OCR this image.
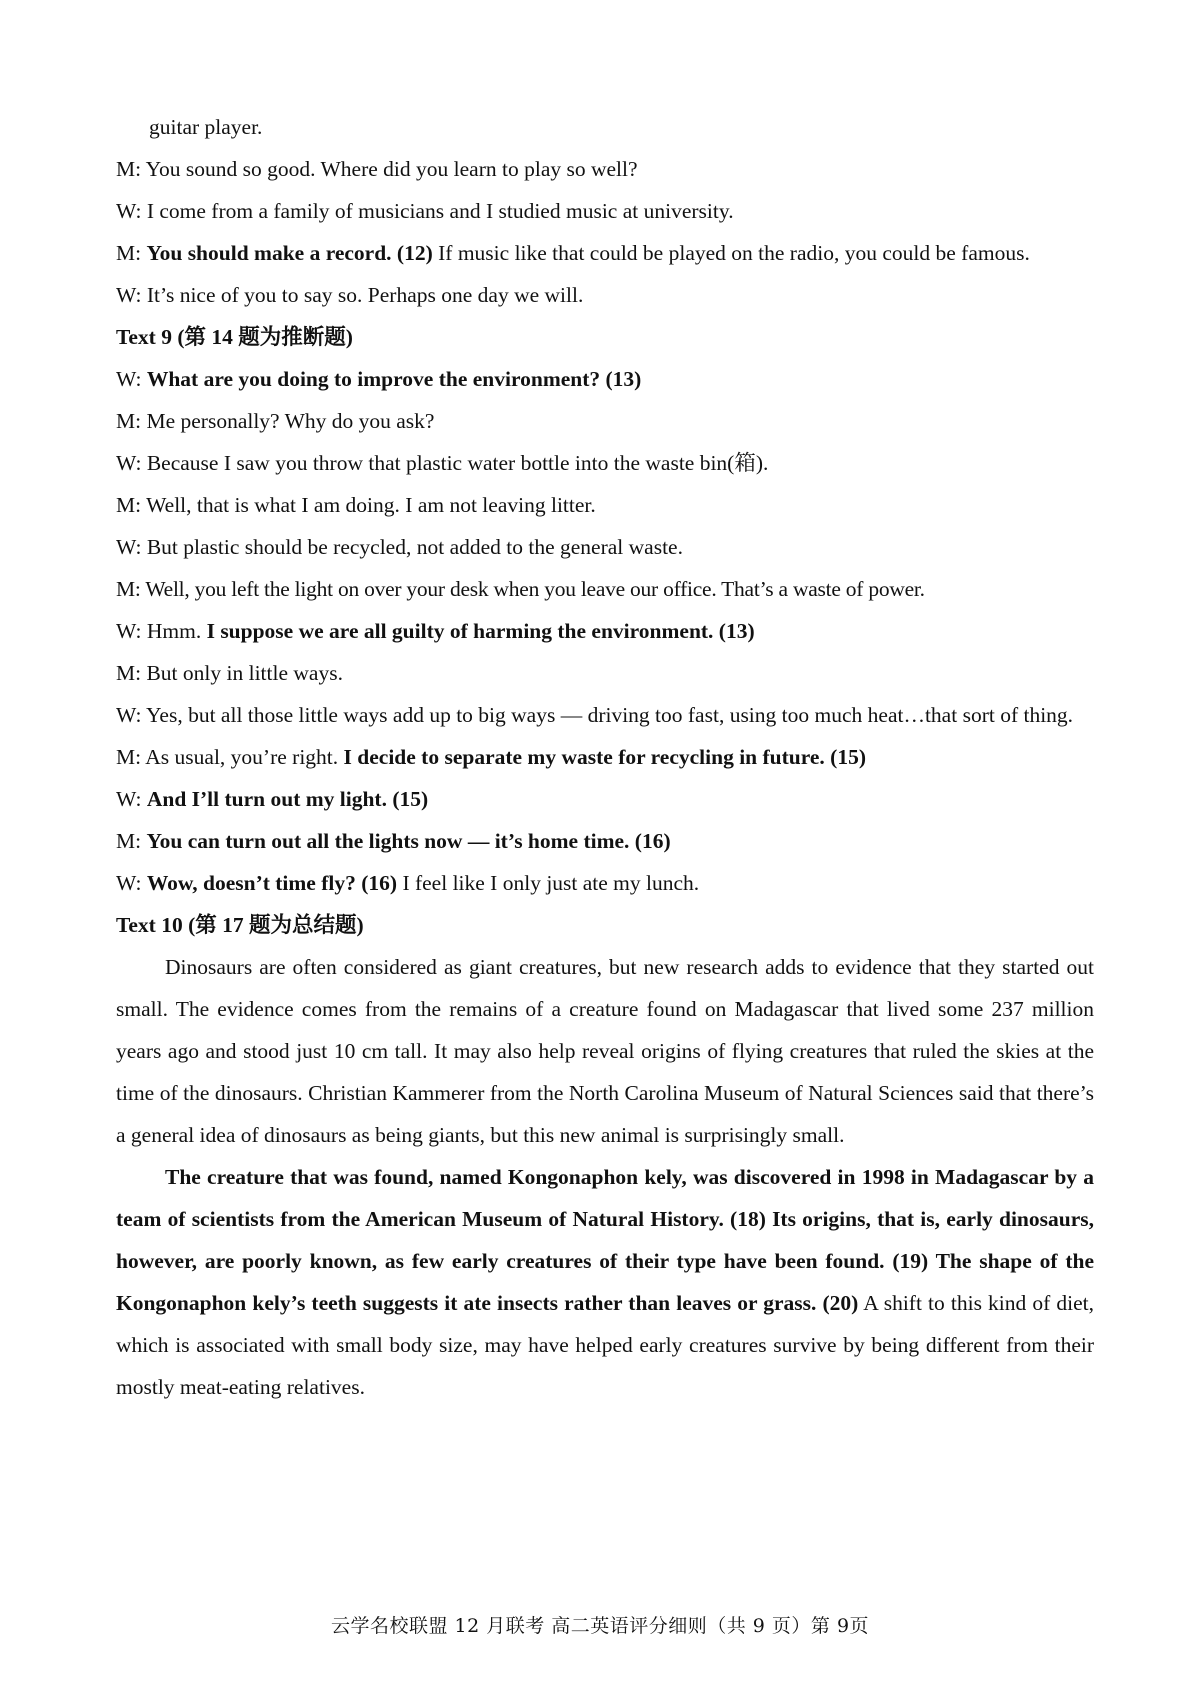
guitar player.

M: You sound so good. Where did you learn to play so well?

W: I come from a family of musicians and I studied music at university.

M: You should make a record. (12) If music like that could be played on the radio, you could be famous.

W: It’s nice of you to say so. Perhaps one day we will.

Text 9 (第 14 题为推断题)

W: What are you doing to improve the environment? (13)

M: Me personally? Why do you ask?

W: Because I saw you throw that plastic water bottle into the waste bin(箱).

M: Well, that is what I am doing. I am not leaving litter.

W: But plastic should be recycled, not added to the general waste.

M: Well, you left the light on over your desk when you leave our office. That’s a waste of power.

W: Hmm. I suppose we are all guilty of harming the environment. (13)

M: But only in little ways.

W: Yes, but all those little ways add up to big ways — driving too fast, using too much heat…that sort of thing.

M: As usual, you’re right. I decide to separate my waste for recycling in future. (15)

W: And I’ll turn out my light. (15)

M: You can turn out all the lights now — it’s home time. (16)

W: Wow, doesn’t time fly? (16) I feel like I only just ate my lunch.

Text 10 (第 17 题为总结题)

Dinosaurs are often considered as giant creatures, but new research adds to evidence that they started out small. The evidence comes from the remains of a creature found on Madagascar that lived some 237 million years ago and stood just 10 cm tall. It may also help reveal origins of flying creatures that ruled the skies at the time of the dinosaurs. Christian Kammerer from the North Carolina Museum of Natural Sciences said that there’s a general idea of dinosaurs as being giants, but this new animal is surprisingly small.

The creature that was found, named Kongonaphon kely, was discovered in 1998 in Madagascar by a team of scientists from the American Museum of Natural History. (18) Its origins, that is, early dinosaurs, however, are poorly known, as few early creatures of their type have been found. (19) The shape of the Kongonaphon kely’s teeth suggests it ate insects rather than leaves or grass. (20) A shift to this kind of diet, which is associated with small body size, may have helped early creatures survive by being different from their mostly meat-eating relatives.

云学名校联盟 12 月联考 高二英语评分细则（共 9 页）第 9页
